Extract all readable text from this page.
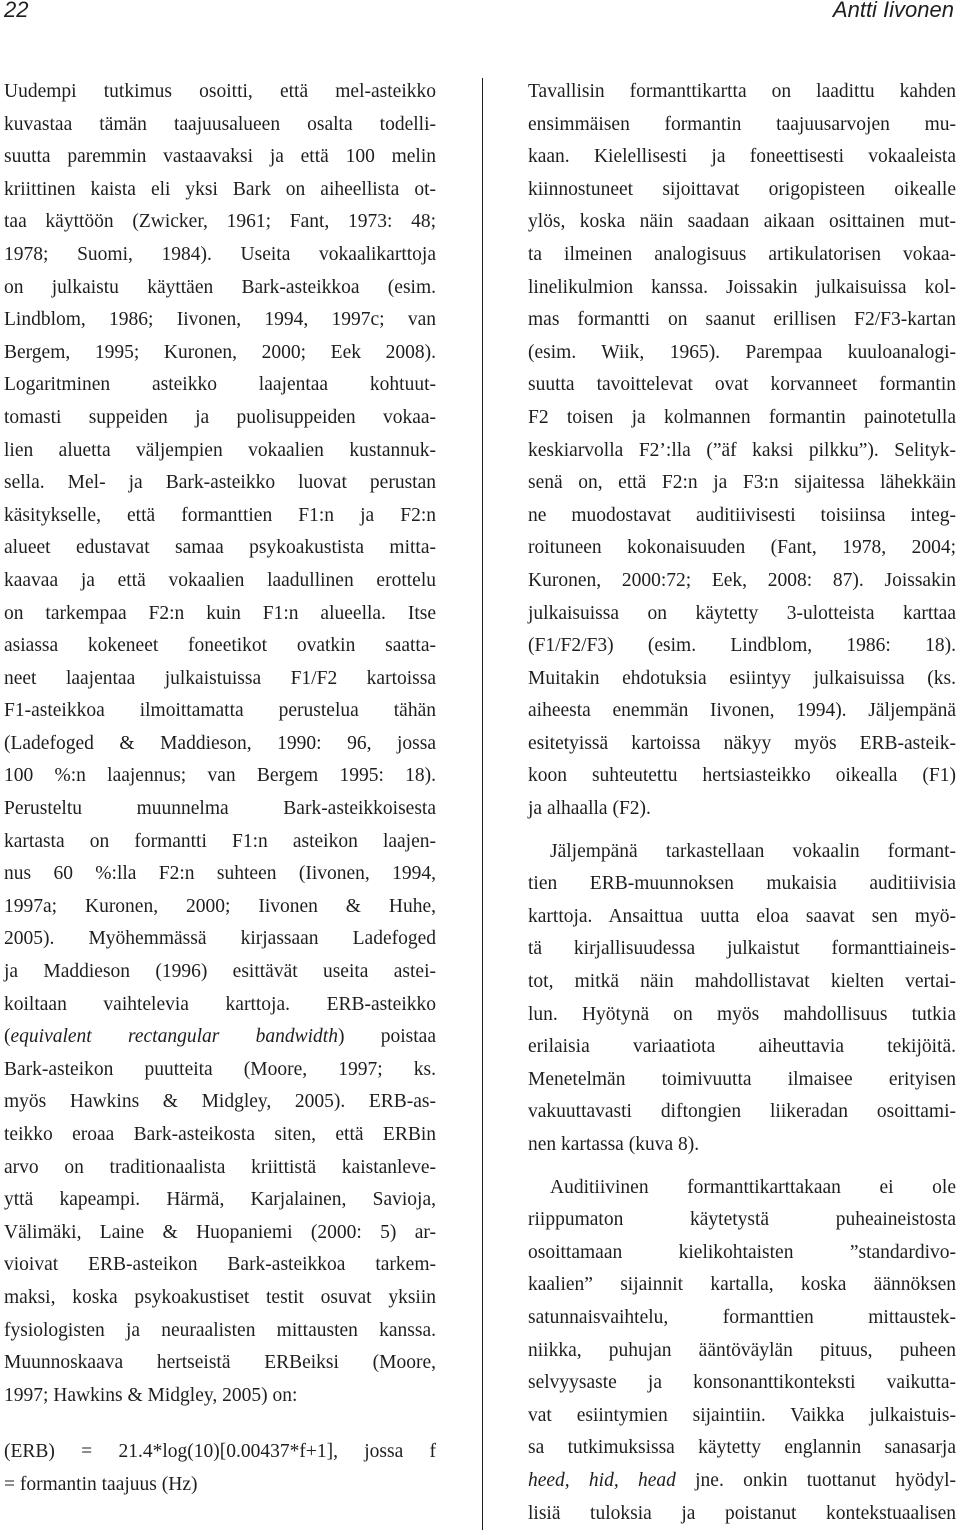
22	Antti Iivonen
Uudempi tutkimus osoitti, että mel-asteikko
kuvastaa tämän taajuusalueen osalta todelli-
suutta paremmin vastaavaksi ja että 100 melin
kriittinen kaista eli yksi Bark on aiheellista ot-
taa käyttöön (Zwicker, 1961; Fant, 1973: 48;
1978; Suomi, 1984). Useita vokaalikarttoja
on julkaistu käyttäen Bark-asteikkoa (esim.
Lindblom, 1986; Iivonen, 1994, 1997c; van
Bergem, 1995; Kuronen, 2000; Eek 2008).
Logaritminen asteikko laajentaa kohtuut-
tomasti suppeiden ja puolisuppeiden vokaa-
lien aluetta väljempien vokaalien kustannuk-
sella. Mel- ja Bark-asteikko luovat perustan
käsitykselle, että formanttien F1:n ja F2:n
alueet edustavat samaa psykoakustista mitta-
kaavaa ja että vokaalien laadullinen erottelu
on tarkempaa F2:n kuin F1:n alueella. Itse
asiassa kokeneet foneetikot ovatkin saatta-
neet laajentaa julkaistuissa F1/F2 kartoissa
F1-asteikkoa ilmoittamatta perustelua tähän
(Ladefoged & Maddieson, 1990: 96, jossa
100 %:n laajennus; van Bergem 1995: 18).
Perusteltu muunnelma Bark-asteikkoisesta
kartasta on formantti F1:n asteikon laajen-
nus 60 %:lla F2:n suhteen (Iivonen, 1994,
1997a; Kuronen, 2000; Iivonen & Huhe,
2005). Myöhemmässä kirjassaan Ladefoged
ja Maddieson (1996) esittävät useita astei-
koiltaan vaihtelevia karttoja. ERB-asteikko
(equivalent rectangular bandwidth) poistaa
Bark-asteikon puutteita (Moore, 1997; ks.
myös Hawkins & Midgley, 2005). ERB-as-
teikko eroaa Bark-asteikosta siten, että ERBin
arvo on traditionaalista kriittistä kaistanleve-
yttä kapeampi. Härmä, Karjalainen, Savioja,
Välimäki, Laine & Huopaniemi (2000: 5) ar-
vioivat ERB-asteikon Bark-asteikkoa tarkem-
maksi, koska psykoakustiset testit osuvat yksiin
fysiologisten ja neuraalisten mittausten kanssa.
Muunnoskaava hertseistä ERBeiksi (Moore,
1997; Hawkins & Midgley, 2005) on:
(ERB) = 21.4*log(10)[0.00437*f+1], jossa f
= formantin taajuus (Hz)
Tavallisin formanttikartta on laadittu kahden
ensimmäisen formantin taajuusarvojen mu-
kaan. Kielellisesti ja foneettisesti vokaaleista
kiinnostuneet sijoittavat origopisteen oikealle
ylös, koska näin saadaan aikaan osittainen mut-
ta ilmeinen analogisuus artikulatorisen vokaa-
linelikulmion kanssa. Joissakin julkaisuissa kol-
mas formantti on saanut erillisen F2/F3-kartan
(esim. Wiik, 1965). Parempaa kuuloanalogi-
suutta tavoittelevat ovat korvanneet formantin
F2 toisen ja kolmannen formantin painotetulla
keskiarvolla F2’:lla (”äf kaksi pilkku”). Selityk-
senä on, että F2:n ja F3:n sijaitessa lähekkäin
ne muodostavat auditiivisesti toisiinsa integ-
roituneen kokonaisuuden (Fant, 1978, 2004;
Kuronen, 2000:72; Eek, 2008: 87). Joissakin
julkaisuissa on käytetty 3-ulotteista karttaa
(F1/F2/F3) (esim. Lindblom, 1986: 18).
Muitakin ehdotuksia esiintyy julkaisuissa (ks.
aiheesta enemmän Iivonen, 1994). Jäljempänä
esitetyissä kartoissa näkyy myös ERB-asteik-
koon suhteutettu hertsiasteikko oikealla (F1)
ja alhaalla (F2).
Jäljempänä tarkastellaan vokaalin formant-
tien ERB-muunnoksen mukaisia auditiivisia
karttoja. Ansaittua uutta eloa saavat sen myö-
tä kirjallisuudessa julkaistut formanttiaineis-
tot, mitkä näin mahdollistavat kielten vertai-
lun. Hyötynä on myös mahdollisuus tutkia
erilaisia variaatiota aiheuttavia tekijöitä.
Menetelmän toimivuutta ilmaisee erityisen
vakuuttavasti diftongien liikeradan osoittami-
nen kartassa (kuva 8).
Auditiivinen formanttikarttakaan ei ole
riippumaton käytetystä puheaineistosta
osoittamaan kielikohtaisten ”standardivo-
kaalien” sijainnit kartalla, koska äännöksen
satunnaisvaihtelu, formanttien mittaustek-
niikka, puhujan ääntöväylän pituus, puheen
selvyysaste ja konsonanttikonteksti vaikutta-
vat esiintymien sijaintiin. Vaikka julkaistuis-
sa tutkimuksissa käytetty englannin sanasarja
heed, hid, head jne. onkin tuottanut hyödyl-
lisiä tuloksia ja poistanut kontekstuaalisen
